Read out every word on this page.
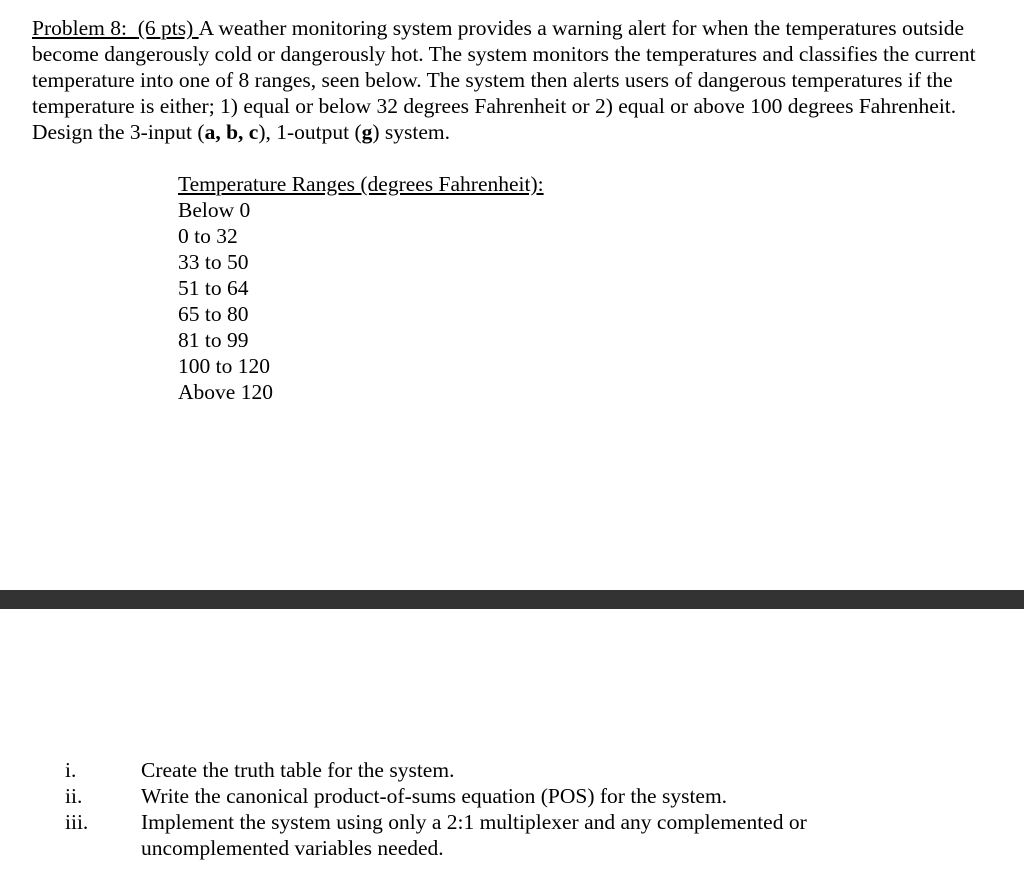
Problem 8: (6 pts) A weather monitoring system provides a warning alert for when the temperatures outside become dangerously cold or dangerously hot. The system monitors the temperatures and classifies the current temperature into one of 8 ranges, seen below. The system then alerts users of dangerous temperatures if the temperature is either; 1) equal or below 32 degrees Fahrenheit or 2) equal or above 100 degrees Fahrenheit. Design the 3-input (a, b, c), 1-output (g) system.
Temperature Ranges (degrees Fahrenheit):
Below 0
0 to 32
33 to 50
51 to 64
65 to 80
81 to 99
100 to 120
Above 120
i.	Create the truth table for the system.
ii.	Write the canonical product-of-sums equation (POS) for the system.
iii. Implement the system using only a 2:1 multiplexer and any complemented or uncomplemented variables needed.
